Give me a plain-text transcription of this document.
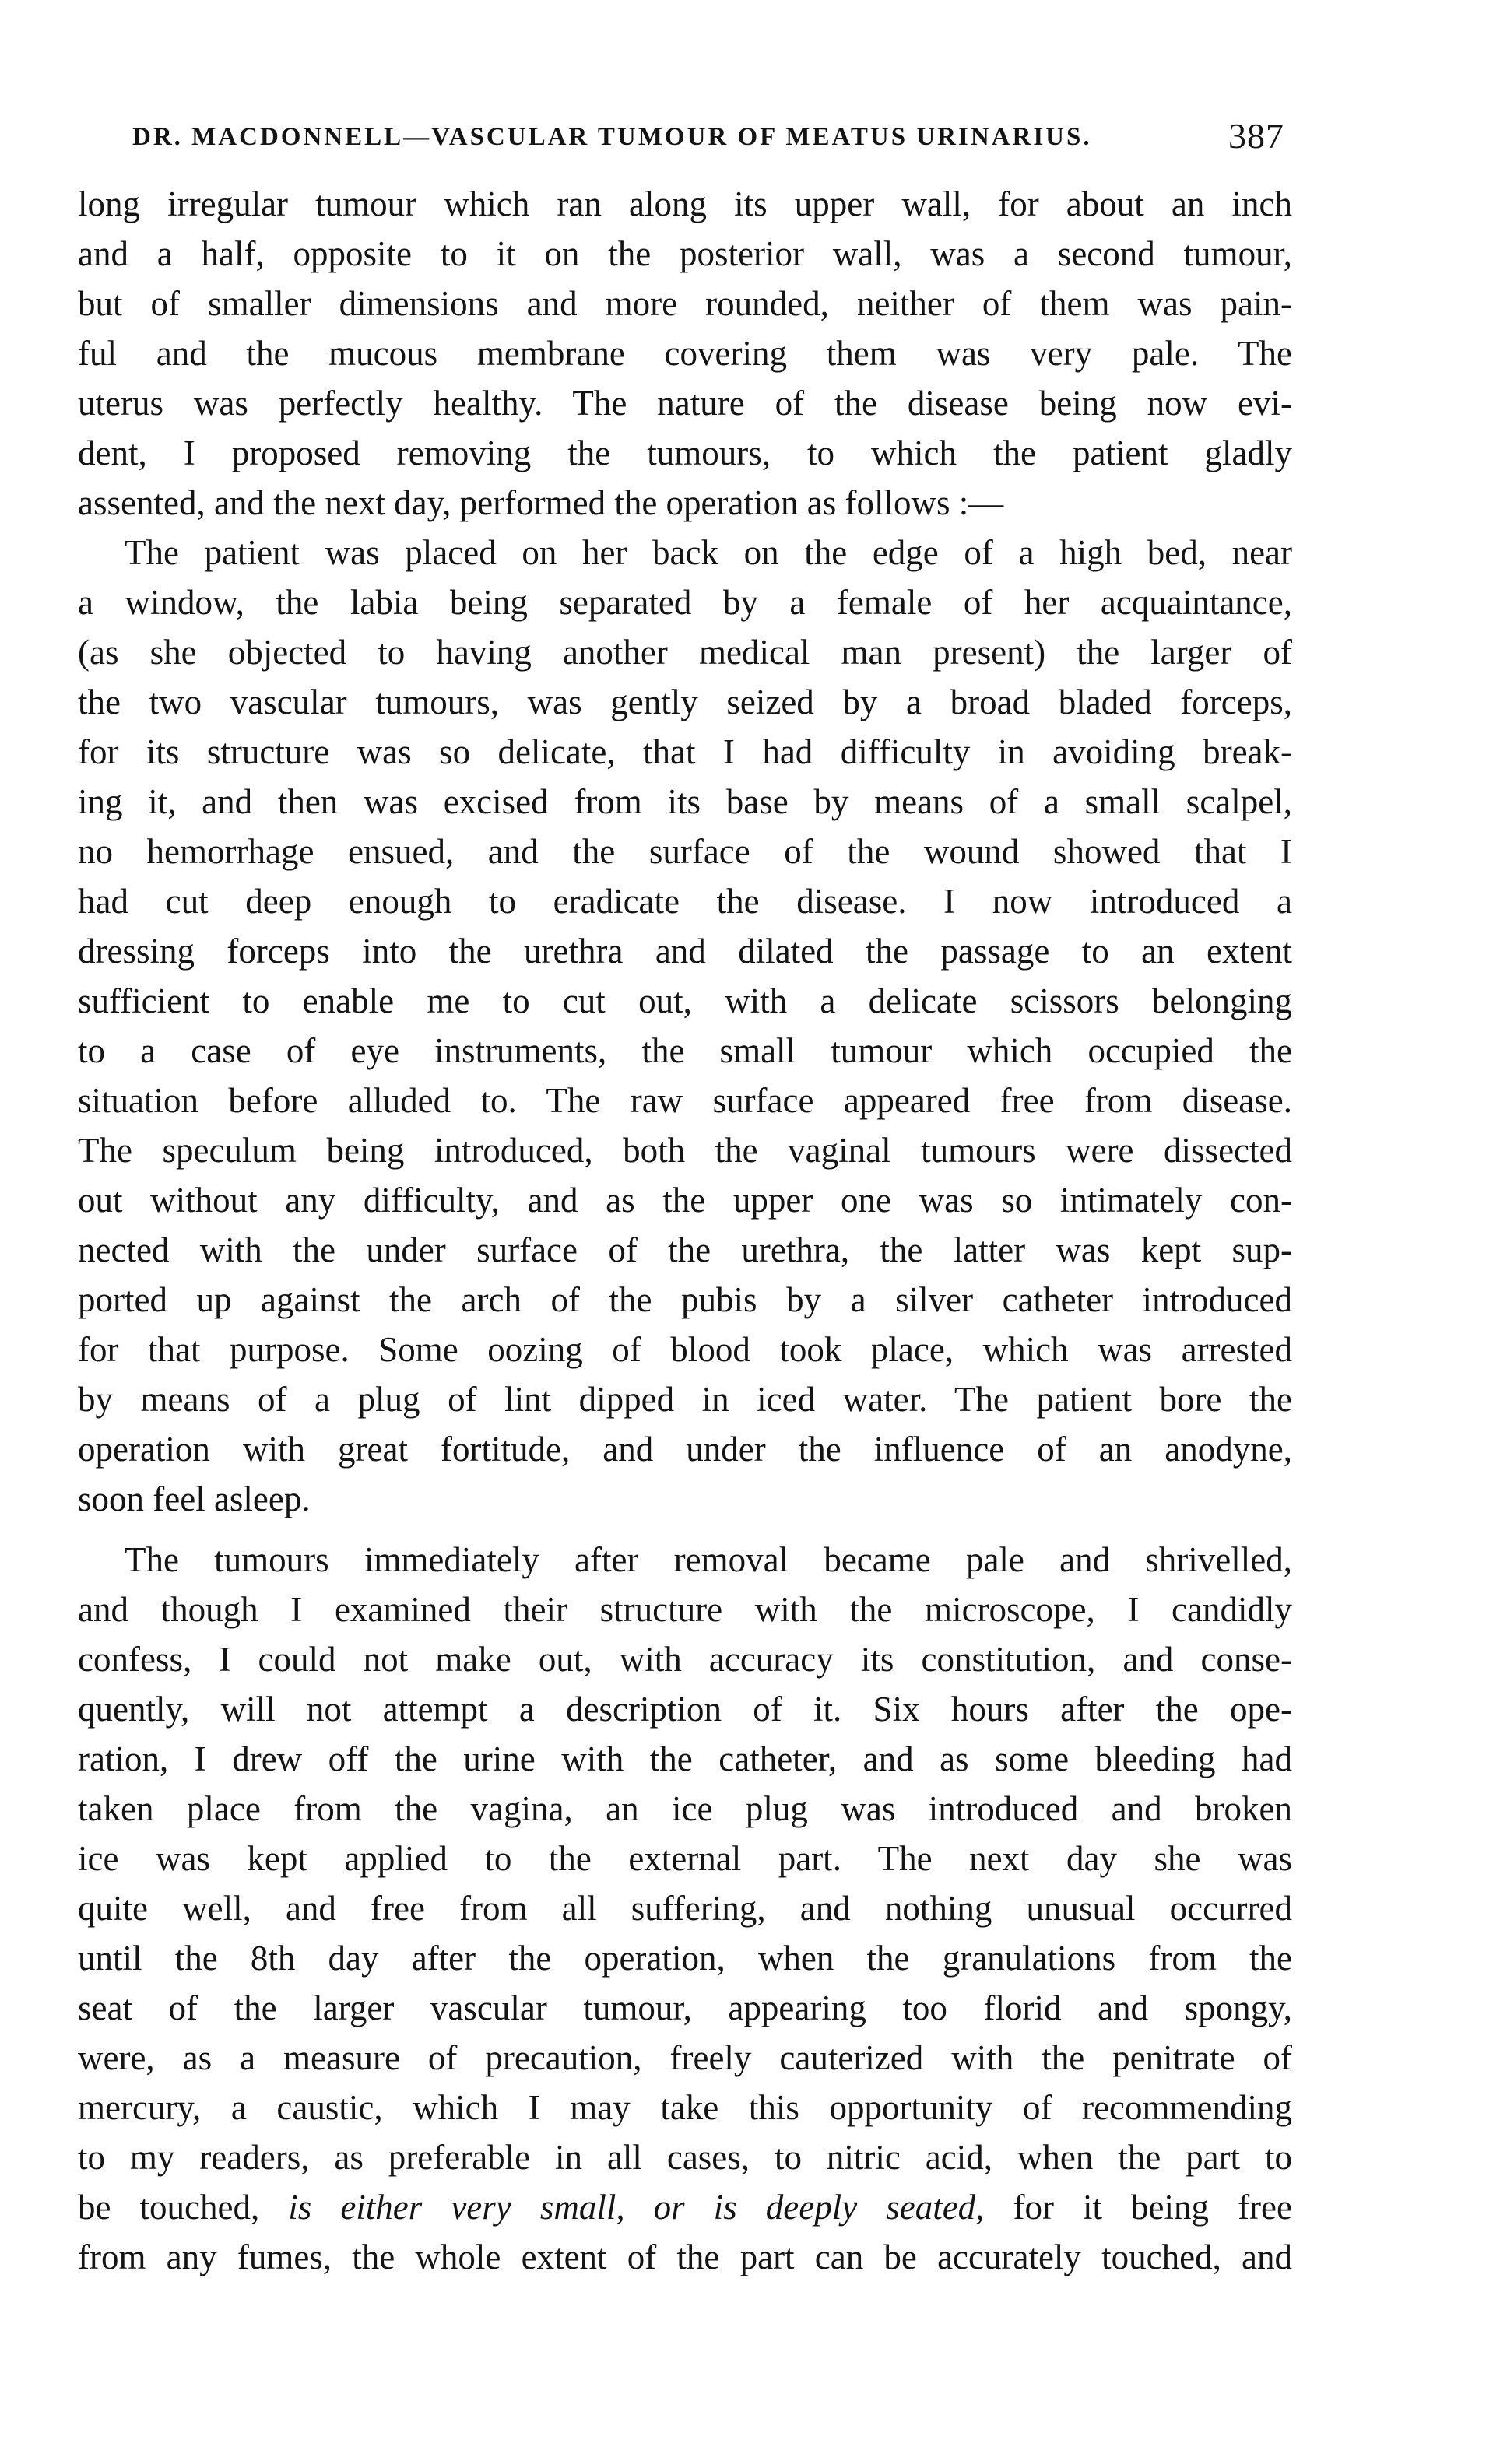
DR. MACDONNELL—VASCULAR TUMOUR OF MEATUS URINARIUS.	387
long irregular tumour which ran along its upper wall, for about an inch
and a half, opposite to it on the posterior wall, was a second tumour,
but of smaller dimensions and more rounded, neither of them was pain-
ful and the mucous membrane covering them was very pale. The
uterus was perfectly healthy. The nature of the disease being now evi-
dent, I proposed removing the tumours, to which the patient gladly
assented, and the next day, performed the operation as follows :—
The patient was placed on her back on the edge of a high bed, near
a window, the labia being separated by a female of her acquaintance,
(as she objected to having another medical man present) the larger of
the two vascular tumours, was gently seized by a broad bladed forceps,
for its structure was so delicate, that I had difficulty in avoiding break-
ing it, and then was excised from its base by means of a small scalpel,
no hemorrhage ensued, and the surface of the wound showed that I
had cut deep enough to eradicate the disease. I now introduced a
dressing forceps into the urethra and dilated the passage to an extent
sufficient to enable me to cut out, with a delicate scissors belonging
to a case of eye instruments, the small tumour which occupied the
situation before alluded to. The raw surface appeared free from disease.
The speculum being introduced, both the vaginal tumours were dissected
out without any difficulty, and as the upper one was so intimately con-
nected with the under surface of the urethra, the latter was kept sup-
ported up against the arch of the pubis by a silver catheter introduced
for that purpose. Some oozing of blood took place, which was arrested
by means of a plug of lint dipped in iced water. The patient bore the
operation with great fortitude, and under the influence of an anodyne,
soon feel asleep.
The tumours immediately after removal became pale and shrivelled,
and though I examined their structure with the microscope, I candidly
confess, I could not make out, with accuracy its constitution, and conse-
quently, will not attempt a description of it. Six hours after the ope-
ration, I drew off the urine with the catheter, and as some bleeding had
taken place from the vagina, an ice plug was introduced and broken
ice was kept applied to the external part. The next day she was
quite well, and free from all suffering, and nothing unusual occurred
until the 8th day after the operation, when the granulations from the
seat of the larger vascular tumour, appearing too florid and spongy,
were, as a measure of precaution, freely cauterized with the penitrate of
mercury, a caustic, which I may take this opportunity of recommending
to my readers, as preferable in all cases, to nitric acid, when the part to
be touched, is either very small, or is deeply seated, for it being free
from any fumes, the whole extent of the part can be accurately touched, and
